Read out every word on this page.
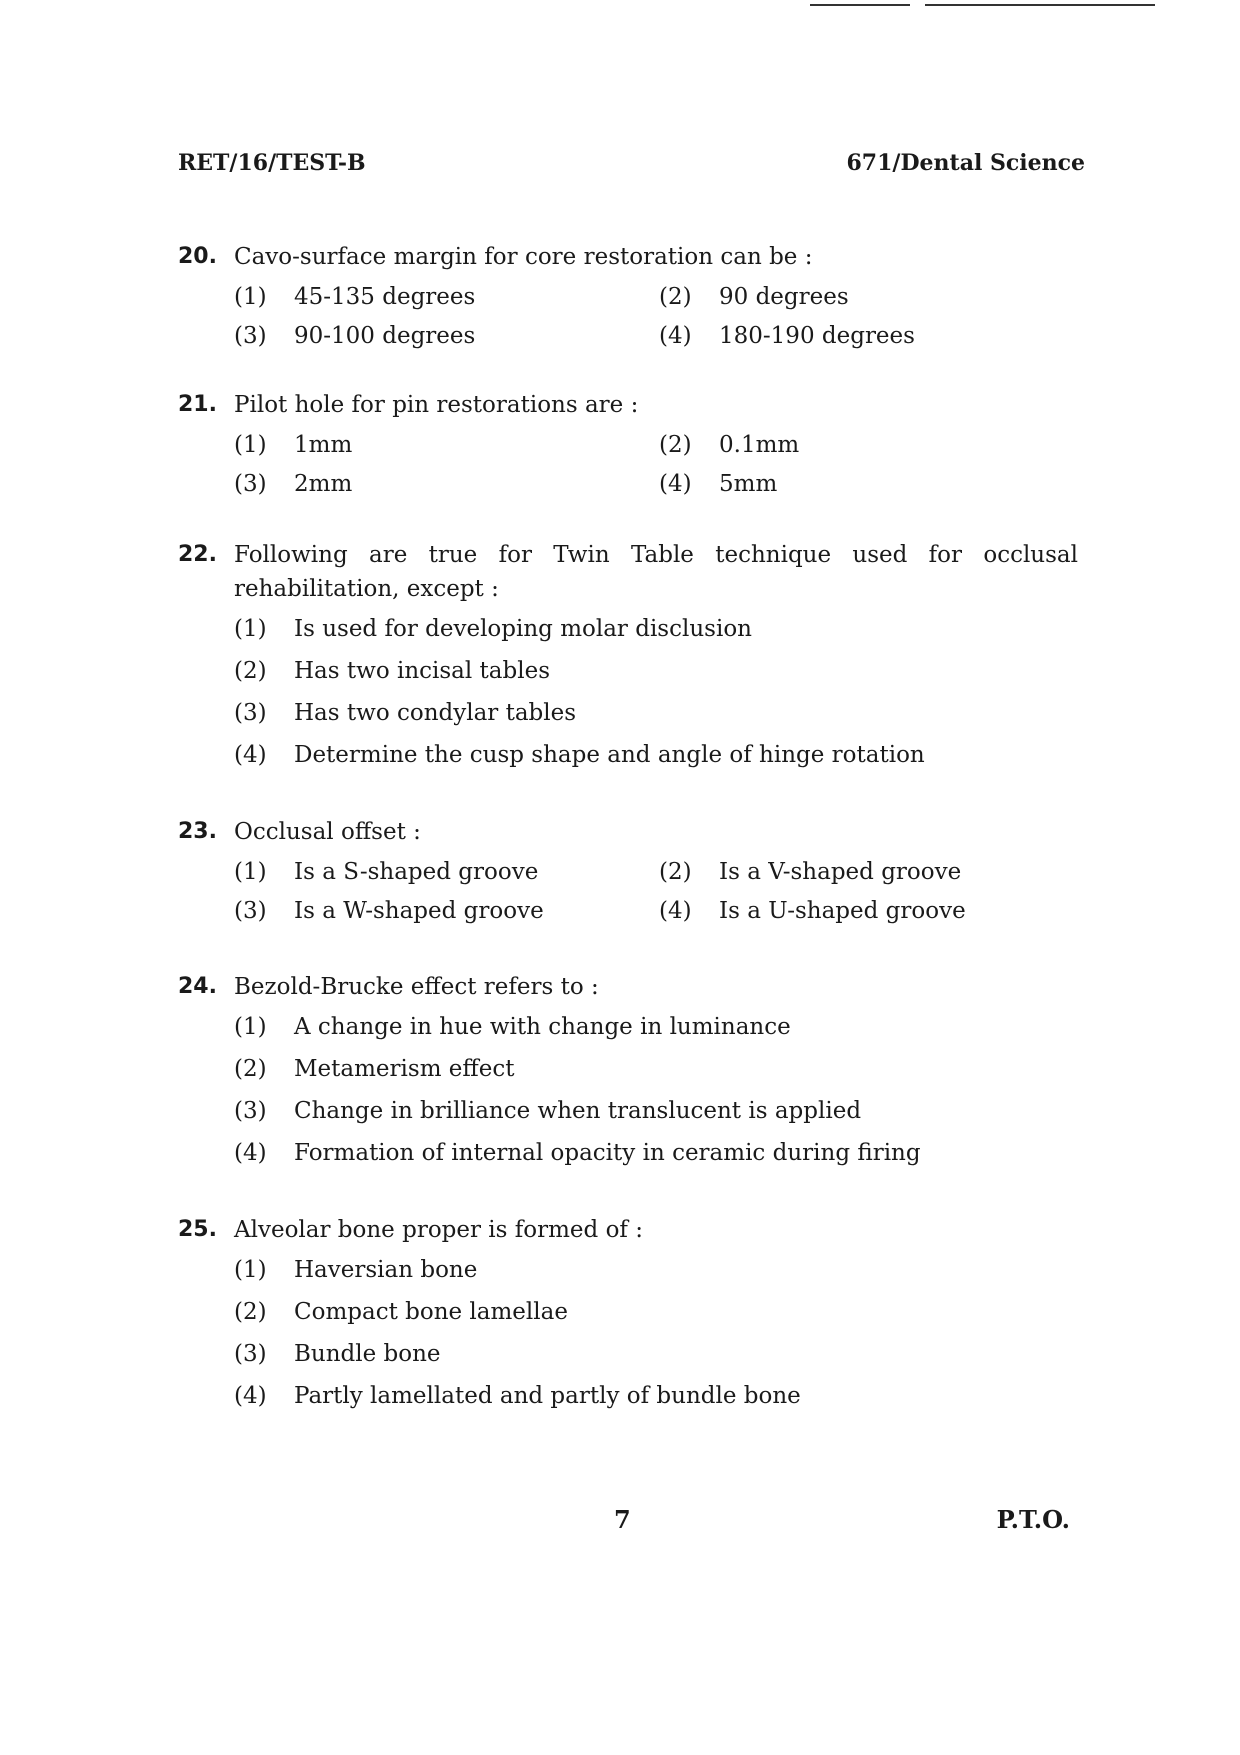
RET/16/TEST-B	671/Dental Science
20. Cavo-surface margin for core restoration can be :
(1)	45-135 degrees	(2)	90 degrees
(3)	90-100 degrees	(4)	180-190 degrees
21. Pilot hole for pin restorations are :
(1)	1mm	(2)	0.1mm
(3)	2mm	(4)	5mm
22. Following are true for Twin Table technique used for occlusal rehabilitation, except :
(1)	Is used for developing molar disclusion
(2)	Has two incisal tables
(3)	Has two condylar tables
(4)	Determine the cusp shape and angle of hinge rotation
23. Occlusal offset :
(1)	Is a S-shaped groove	(2)	Is a V-shaped groove
(3)	Is a W-shaped groove	(4)	Is a U-shaped groove
24. Bezold-Brucke effect refers to :
(1)	A change in hue with change in luminance
(2)	Metamerism effect
(3)	Change in brilliance when translucent is applied
(4)	Formation of internal opacity in ceramic during firing
25. Alveolar bone proper is formed of :
(1)	Haversian bone
(2)	Compact bone lamellae
(3)	Bundle bone
(4)	Partly lamellated and partly of bundle bone
7	P.T.O.
